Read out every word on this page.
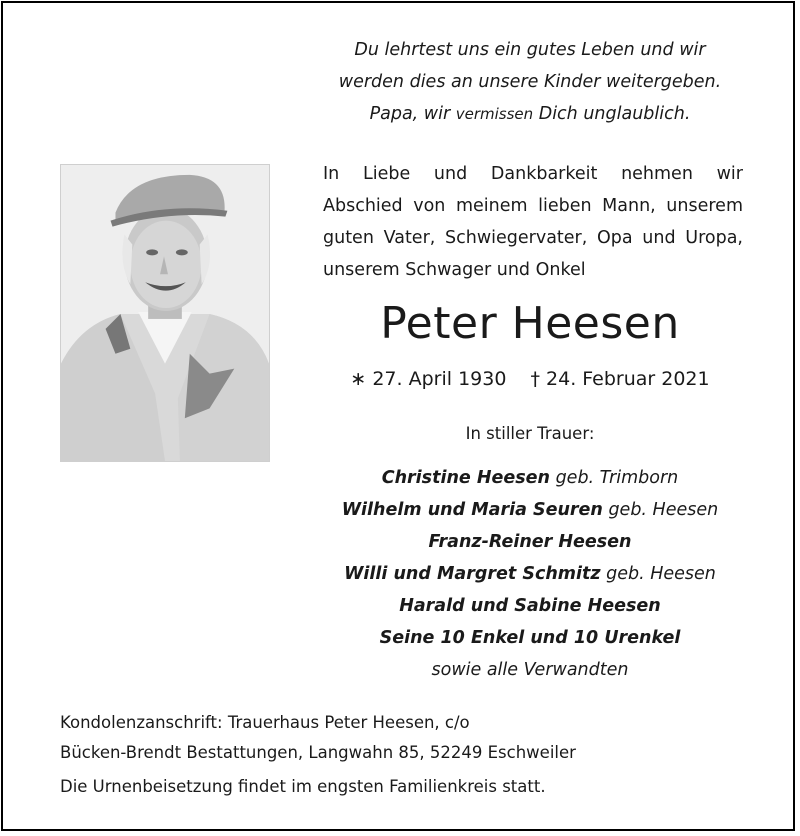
Du lehrtest uns ein gutes Leben und wir
werden dies an unsere Kinder weitergeben.
Papa, wir vermissen Dich unglaublich.
In Liebe und Dankbarkeit nehmen wir
Abschied von meinem lieben Mann, unserem
guten Vater, Schwiegervater, Opa und Uropa,
unserem Schwager und Onkel
Peter Heesen
∗ 27. April 1930 † 24. Februar 2021
In stiller Trauer:
Christine Heesen geb. Trimborn
Wilhelm und Maria Seuren geb. Heesen
Franz-Reiner Heesen
Willi und Margret Schmitz geb. Heesen
Harald und Sabine Heesen
Seine 10 Enkel und 10 Urenkel
sowie alle Verwandten
Kondolenzanschrift: Trauerhaus Peter Heesen, c/o
Bücken-Brendt Bestattungen, Langwahn 85, 52249 Eschweiler
Die Urnenbeisetzung findet im engsten Familienkreis statt.
